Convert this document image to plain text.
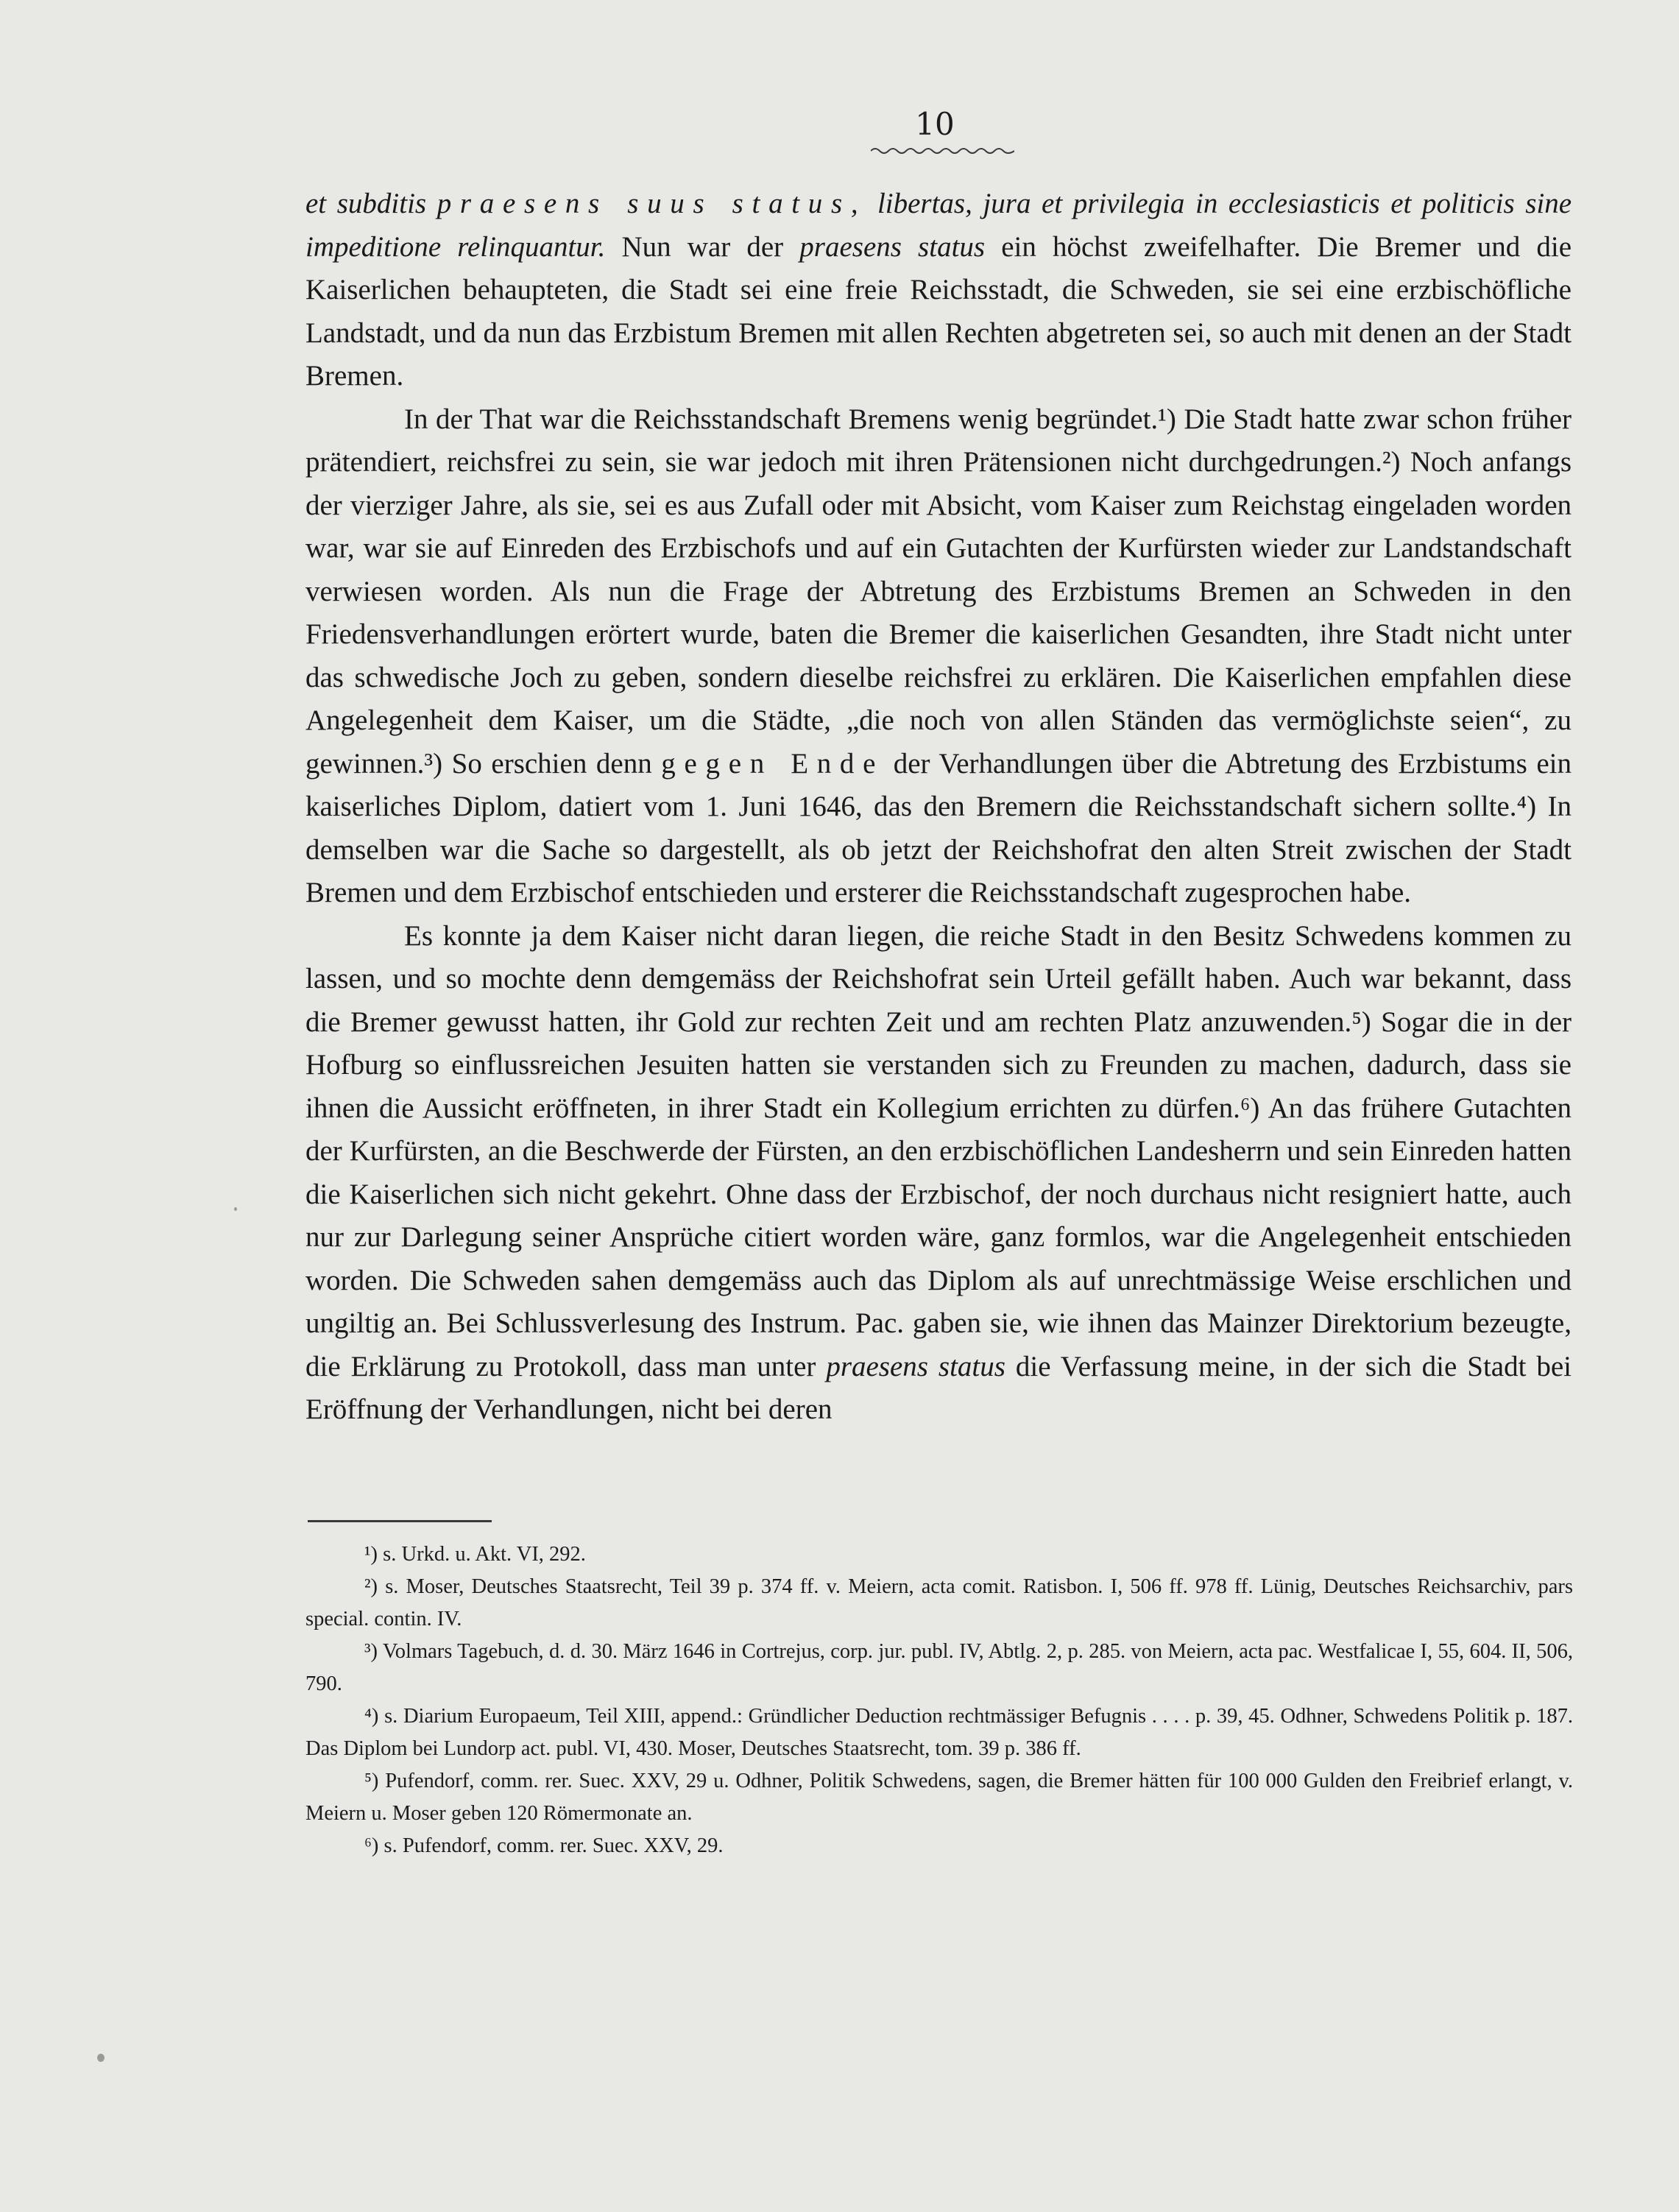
10

et subditis praesens suus status, libertas, jura et privilegia in ecclesiasticis et politicis sine impeditione relinquantur. Nun war der praesens status ein höchst zweifelhafter. Die Bremer und die Kaiserlichen behaupteten, die Stadt sei eine freie Reichsstadt, die Schweden, sie sei eine erzbischöfliche Landstadt, und da nun das Erzbistum Bremen mit allen Rechten abgetreten sei, so auch mit denen an der Stadt Bremen.

In der That war die Reichsstandschaft Bremens wenig begründet.¹) Die Stadt hatte zwar schon früher prätendiert, reichsfrei zu sein, sie war jedoch mit ihren Prätensionen nicht durchgedrungen.²) Noch anfangs der vierziger Jahre, als sie, sei es aus Zufall oder mit Absicht, vom Kaiser zum Reichstag eingeladen worden war, war sie auf Einreden des Erzbischofs und auf ein Gutachten der Kurfürsten wieder zur Landstandschaft verwiesen worden. Als nun die Frage der Abtretung des Erzbistums Bremen an Schweden in den Friedensverhandlungen erörtert wurde, baten die Bremer die kaiserlichen Gesandten, ihre Stadt nicht unter das schwedische Joch zu geben, sondern dieselbe reichsfrei zu erklären. Die Kaiserlichen empfahlen diese Angelegenheit dem Kaiser, um die Städte, „die noch von allen Ständen das vermöglichste seien“, zu gewinnen.³) So erschien denn gegen Ende der Verhandlungen über die Abtretung des Erzbistums ein kaiserliches Diplom, datiert vom 1. Juni 1646, das den Bremern die Reichsstandschaft sichern sollte.⁴) In demselben war die Sache so dargestellt, als ob jetzt der Reichshofrat den alten Streit zwischen der Stadt Bremen und dem Erzbischof entschieden und ersterer die Reichsstandschaft zugesprochen habe.

Es konnte ja dem Kaiser nicht daran liegen, die reiche Stadt in den Besitz Schwedens kommen zu lassen, und so mochte denn demgemäss der Reichshofrat sein Urteil gefällt haben. Auch war bekannt, dass die Bremer gewusst hatten, ihr Gold zur rechten Zeit und am rechten Platz anzuwenden.⁵) Sogar die in der Hofburg so einflussreichen Jesuiten hatten sie verstanden sich zu Freunden zu machen, dadurch, dass sie ihnen die Aussicht eröffneten, in ihrer Stadt ein Kollegium errichten zu dürfen.⁶) An das frühere Gutachten der Kurfürsten, an die Beschwerde der Fürsten, an den erzbischöflichen Landesherrn und sein Einreden hatten die Kaiserlichen sich nicht gekehrt. Ohne dass der Erzbischof, der noch durchaus nicht resigniert hatte, auch nur zur Darlegung seiner Ansprüche citiert worden wäre, ganz formlos, war die Angelegenheit entschieden worden. Die Schweden sahen demgemäss auch das Diplom als auf unrechtmässige Weise erschlichen und ungiltig an. Bei Schlussverlesung des Instrum. Pac. gaben sie, wie ihnen das Mainzer Direktorium bezeugte, die Erklärung zu Protokoll, dass man unter praesens status die Verfassung meine, in der sich die Stadt bei Eröffnung der Verhandlungen, nicht bei deren

¹) s. Urkd. u. Akt. VI, 292.

²) s. Moser, Deutsches Staatsrecht, Teil 39 p. 374 ff. v. Meiern, acta comit. Ratisbon. I, 506 ff. 978 ff. Lünig, Deutsches Reichsarchiv, pars special. contin. IV.

³) Volmars Tagebuch, d. d. 30. März 1646 in Cortrejus, corp. jur. publ. IV, Abtlg. 2, p. 285. von Meiern, acta pac. Westfalicae I, 55, 604. II, 506, 790.

⁴) s. Diarium Europaeum, Teil XIII, append.: Gründlicher Deduction rechtmässiger Befugnis . . . . p. 39, 45. Odhner, Schwedens Politik p. 187. Das Diplom bei Lundorp act. publ. VI, 430. Moser, Deutsches Staatsrecht, tom. 39 p. 386 ff.

⁵) Pufendorf, comm. rer. Suec. XXV, 29 u. Odhner, Politik Schwedens, sagen, die Bremer hätten für 100 000 Gulden den Freibrief erlangt, v. Meiern u. Moser geben 120 Römermonate an.

⁶) s. Pufendorf, comm. rer. Suec. XXV, 29.
